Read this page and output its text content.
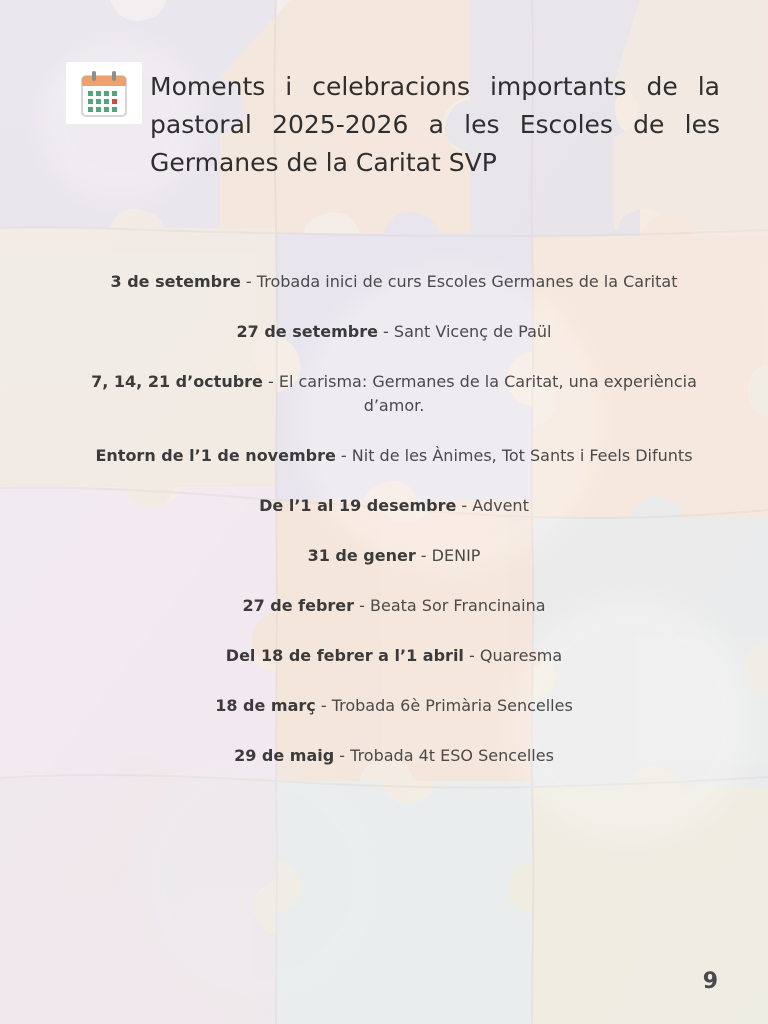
Moments i celebracions importants de la pastoral 2025-2026 a les Escoles de les Germanes de la Caritat SVP
3 de setembre - Trobada inici de curs Escoles Germanes de la Caritat
27 de setembre - Sant Vicenç de Paül
7, 14, 21 d’octubre - El carisma: Germanes de la Caritat, una experiència d’amor.
Entorn de l’1 de novembre - Nit de les Ànimes, Tot Sants i Feels Difunts
De l’1 al 19 desembre - Advent
31 de gener - DENIP
27 de febrer - Beata Sor Francinaina
Del 18 de febrer a l’1 abril - Quaresma
18 de març - Trobada 6è Primària Sencelles
29 de maig - Trobada 4t ESO Sencelles
9
